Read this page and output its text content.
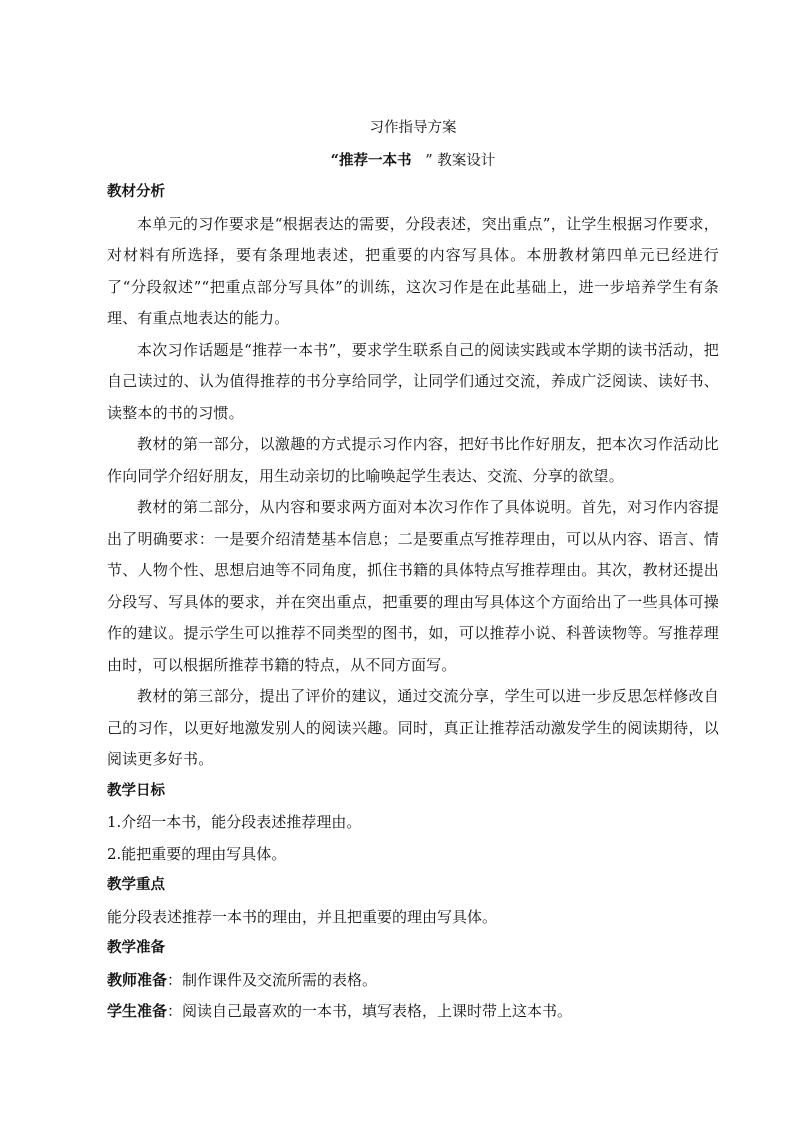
习作指导方案

“推荐一本书   ” 教案设计

教材分析

本单元的习作要求是“根据表达的需要，分段表述，突出重点”，让学生根据习作要求，对材料有所选择，要有条理地表述，把重要的内容写具体。本册教材第四单元已经进行了“分段叙述”“把重点部分写具体”的训练，这次习作是在此基础上，进一步培养学生有条理、有重点地表达的能力。

本次习作话题是“推荐一本书”，要求学生联系自己的阅读实践或本学期的读书活动，把自己读过的、认为值得推荐的书分享给同学，让同学们通过交流，养成广泛阅读、读好书、读整本的书的习惯。

教材的第一部分，以激趣的方式提示习作内容，把好书比作好朋友，把本次习作活动比作向同学介绍好朋友，用生动亲切的比喻唤起学生表达、交流、分享的欲望。

教材的第二部分，从内容和要求两方面对本次习作作了具体说明。首先，对习作内容提出了明确要求：一是要介绍清楚基本信息；二是要重点写推荐理由，可以从内容、语言、情节、人物个性、思想启迪等不同角度，抓住书籍的具体特点写推荐理由。其次，教材还提出分段写、写具体的要求，并在突出重点，把重要的理由写具体这个方面给出了一些具体可操作的建议。提示学生可以推荐不同类型的图书，如，可以推荐小说、科普读物等。写推荐理由时，可以根据所推荐书籍的特点，从不同方面写。

教材的第三部分，提出了评价的建议，通过交流分享，学生可以进一步反思怎样修改自己的习作，以更好地激发别人的阅读兴趣。同时，真正让推荐活动激发学生的阅读期待，以阅读更多好书。

教学日标

1.介绍一本书，能分段表述推荐理由。

2.能把重要的理由写具体。

教学重点

能分段表述推荐一本书的理由，并且把重要的理由写具体。

教学准备

教师准备：制作课件及交流所需的表格。

学生准备：阅读自己最喜欢的一本书，填写表格，上课时带上这本书。
